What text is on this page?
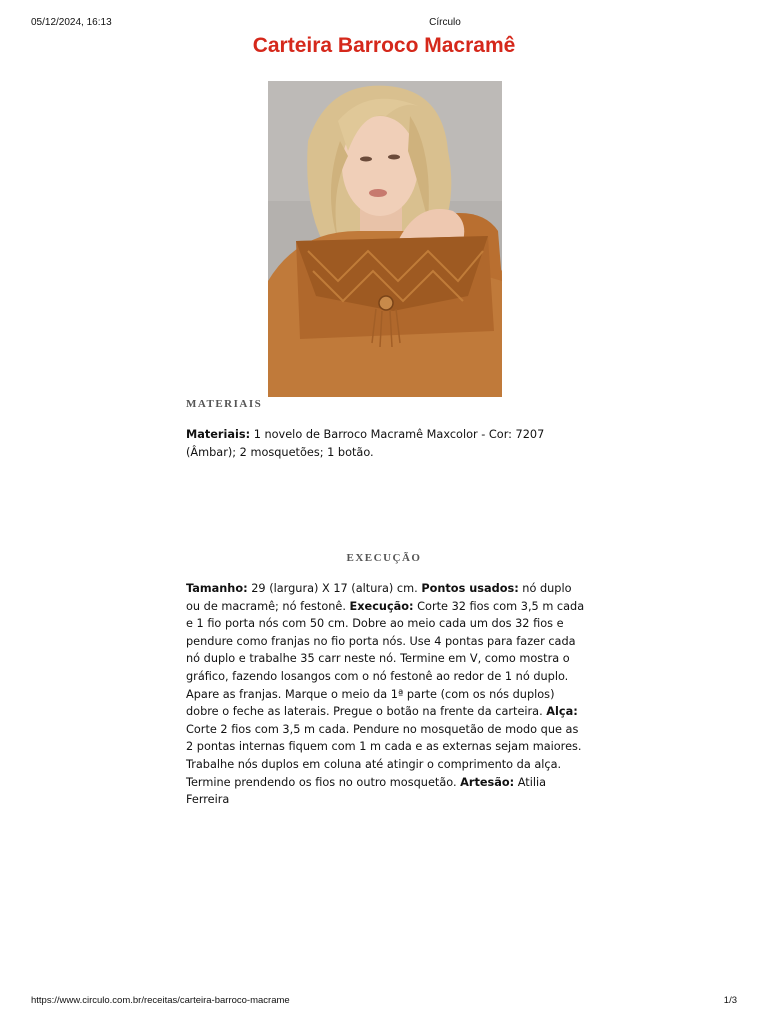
05/12/2024, 16:13	Círculo
Carteira Barroco Macramê
MATERIAIS
Materiais: 1 novelo de Barroco Macramê Maxcolor - Cor: 7207 (Âmbar); 2 mosquetões; 1 botão.
EXECUÇÃO
Tamanho: 29 (largura) X 17 (altura) cm. Pontos usados: nó duplo ou de macramê; nó festonê. Execução: Corte 32 fios com 3,5 m cada e 1 fio porta nós com 50 cm. Dobre ao meio cada um dos 32 fios e pendure como franjas no fio porta nós. Use 4 pontas para fazer cada nó duplo e trabalhe 35 carr neste nó. Termine em V, como mostra o gráfico, fazendo losangos com o nó festonê ao redor de 1 nó duplo. Apare as franjas. Marque o meio da 1ª parte (com os nós duplos) dobre o feche as laterais. Pregue o botão na frente da carteira. Alça: Corte 2 fios com 3,5 m cada. Pendure no mosquetão de modo que as 2 pontas internas fiquem com 1 m cada e as externas sejam maiores. Trabalhe nós duplos em coluna até atingir o comprimento da alça. Termine prendendo os fios no outro mosquetão. Artesão: Atilia Ferreira
https://www.circulo.com.br/receitas/carteira-barroco-macrame	1/3
